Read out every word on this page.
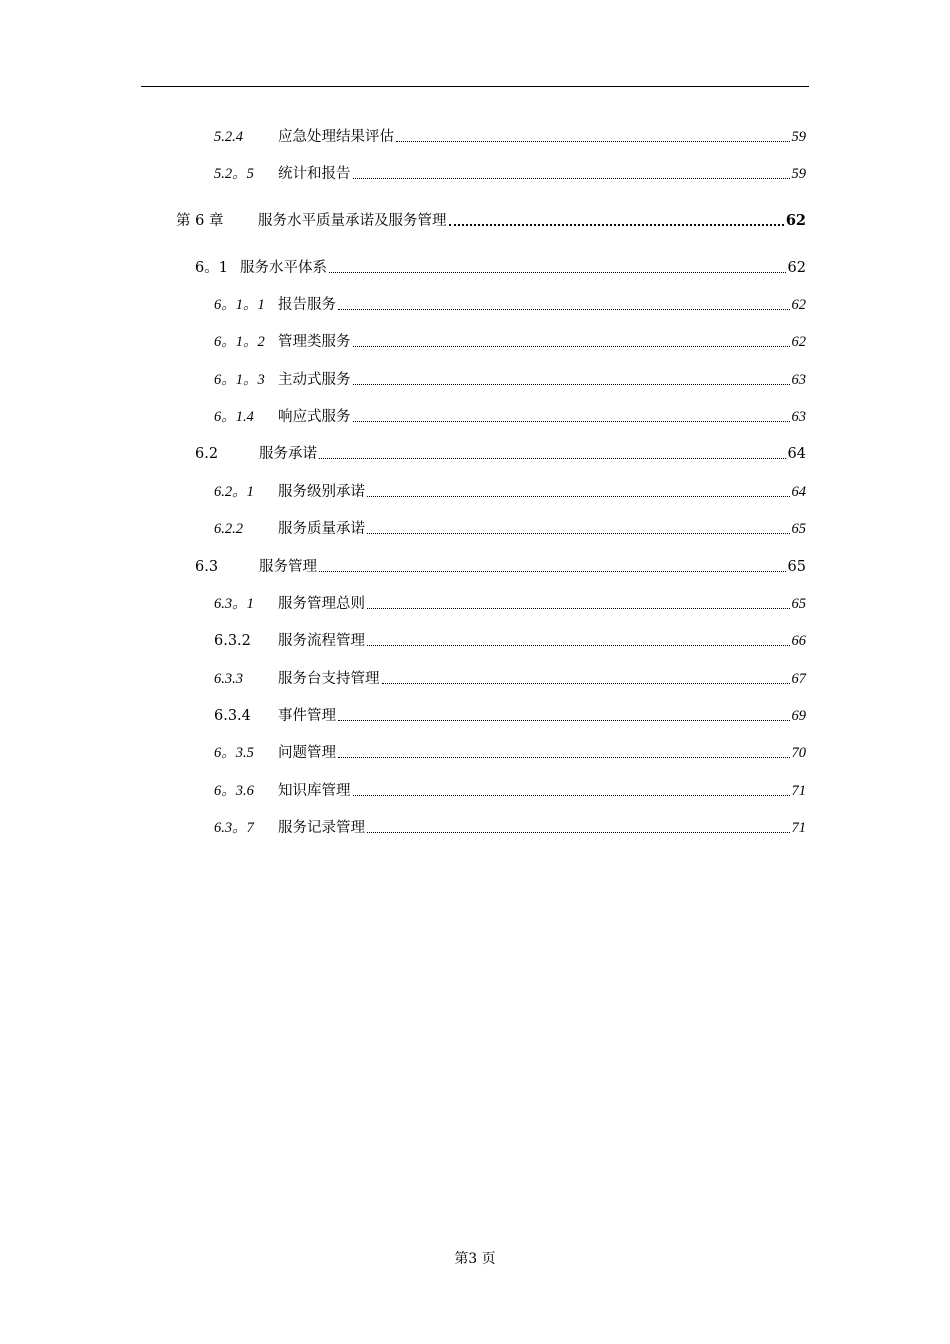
5.2.4	应急处理结果评估	59
5.2。5	统计和报告	59
第 6 章	服务水平质量承诺及服务管理	62
6。1 服务水平体系	62
6。1。1 报告服务	62
6。1。2 管理类服务	62
6。1。3 主动式服务	63
6。1.4	响应式服务	63
6.2	服务承诺	64
6.2。1	服务级别承诺	64
6.2.2	服务质量承诺	65
6.3	服务管理	65
6.3。1	服务管理总则	65
6.3.2	服务流程管理	66
6.3.3	服务台支持管理	67
6.3.4	事件管理	69
6。3.5	问题管理	70
6。3.6	知识库管理	71
6.3。7	服务记录管理	71
第3 页
